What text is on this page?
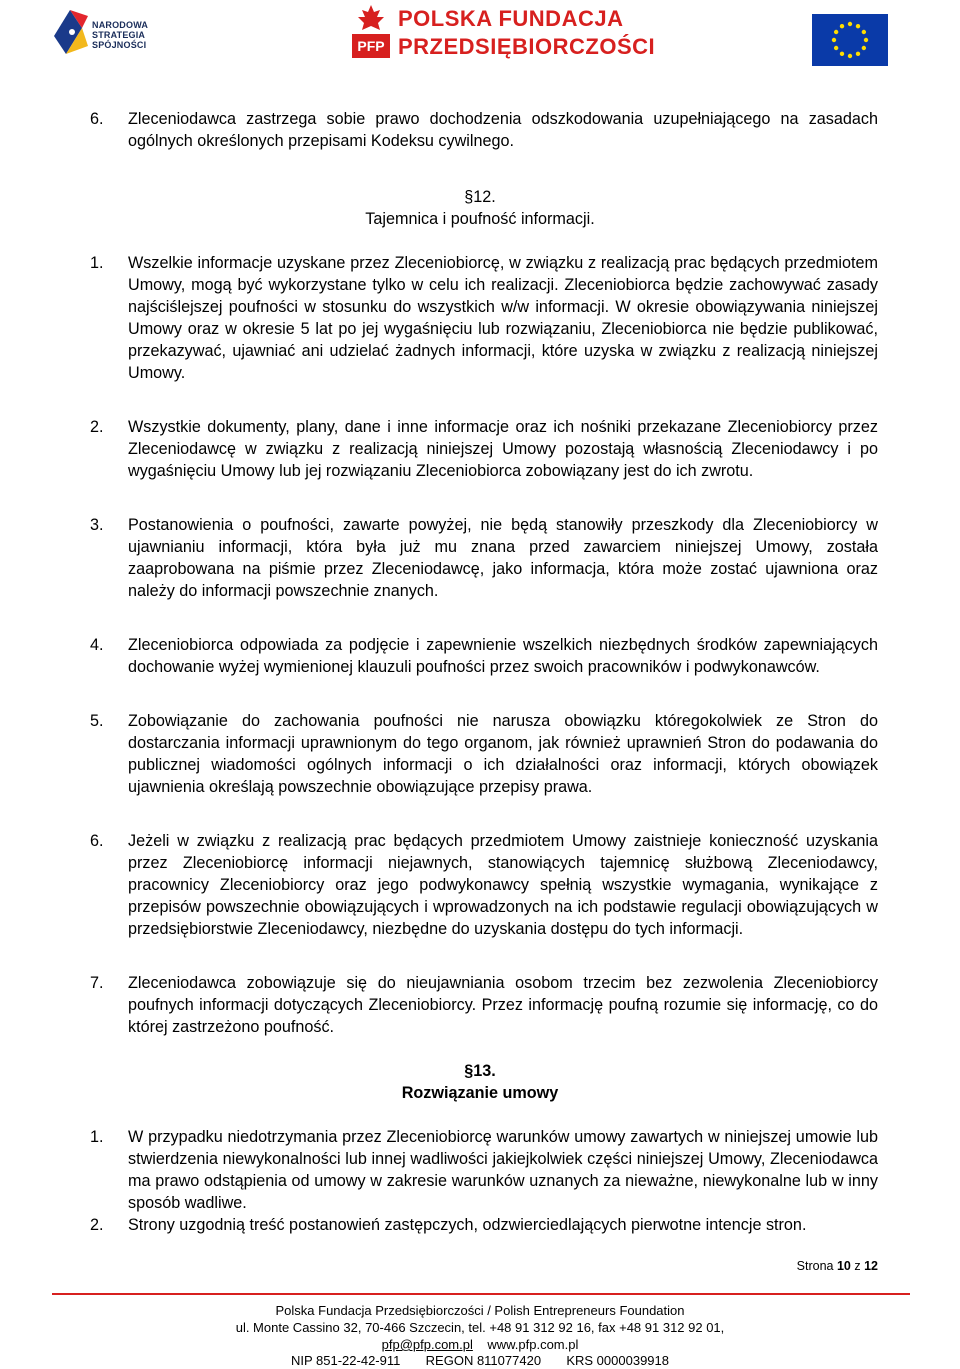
NARODOWA
STRATEGIA SPÓJNOŚCI	PFP
POLSKA FUNDACJA
PRZEDSIĘBIORCZOŚCI
6. Zleceniodawca zastrzega sobie prawo dochodzenia odszkodowania uzupełniającego na zasadach ogólnych określonych przepisami Kodeksu cywilnego.
§12.
Tajemnica i poufność informacji.
1. Wszelkie informacje uzyskane przez Zleceniobiorcę, w związku z realizacją prac będących przedmiotem Umowy, mogą być wykorzystane tylko w celu ich realizacji. Zleceniobiorca będzie zachowywać zasady najściślejszej poufności w stosunku do wszystkich w/w informacji. W okresie obowiązywania niniejszej Umowy oraz w okresie 5 lat po jej wygaśnięciu lub rozwiązaniu, Zleceniobiorca nie będzie publikować, przekazywać, ujawniać ani udzielać żadnych informacji, które uzyska w związku z realizacją niniejszej Umowy.
2. Wszystkie dokumenty, plany, dane i inne informacje oraz ich nośniki przekazane Zleceniobiorcy przez Zleceniodawcę w związku z realizacją niniejszej Umowy pozostają własnością Zleceniodawcy i po wygaśnięciu Umowy lub jej rozwiązaniu Zleceniobiorca zobowiązany jest do ich zwrotu.
3. Postanowienia o poufności, zawarte powyżej, nie będą stanowiły przeszkody dla Zleceniobiorcy w ujawnianiu informacji, która była już mu znana przed zawarciem niniejszej Umowy, została zaaprobowana na piśmie przez Zleceniodawcę, jako informacja, która może zostać ujawniona oraz należy do informacji powszechnie znanych.
4. Zleceniobiorca odpowiada za podjęcie i zapewnienie wszelkich niezbędnych środków zapewniających dochowanie wyżej wymienionej klauzuli poufności przez swoich pracowników i podwykonawców.
5. Zobowiązanie do zachowania poufności nie narusza obowiązku któregokolwiek ze Stron do dostarczania informacji uprawnionym do tego organom, jak również uprawnień Stron do podawania do publicznej wiadomości ogólnych informacji o ich działalności oraz informacji, których obowiązek ujawnienia określają powszechnie obowiązujące przepisy prawa.
6. Jeżeli w związku z realizacją prac będących przedmiotem Umowy zaistnieje konieczność uzyskania przez Zleceniobiorcę informacji niejawnych, stanowiących tajemnicę służbową Zleceniodawcy, pracownicy Zleceniobiorcy oraz jego podwykonawcy spełnią wszystkie wymagania, wynikające z przepisów powszechnie obowiązujących i wprowadzonych na ich podstawie regulacji obowiązujących w przedsiębiorstwie Zleceniodawcy, niezbędne do uzyskania dostępu do tych informacji.
7. Zleceniodawca zobowiązuje się do nieujawniania osobom trzecim bez zezwolenia Zleceniobiorcy poufnych informacji dotyczących Zleceniobiorcy. Przez informację poufną rozumie się informację, co do której zastrzeżono poufność.
§13.
Rozwiązanie umowy
1. W przypadku niedotrzymania przez Zleceniobiorcę warunków umowy zawartych w niniejszej umowie lub stwierdzenia niewykonalności lub innej wadliwości jakiejkolwiek części niniejszej Umowy, Zleceniodawca ma prawo odstąpienia od umowy w zakresie warunków uznanych za nieważne, niewykonalne lub w inny sposób wadliwe.
2. Strony uzgodnią treść postanowień zastępczych, odzwierciedlających pierwotne intencje stron.
Strona 10 z 12
Polska Fundacja Przedsiębiorczości / Polish Entrepreneurs Foundation
ul. Monte Cassino 32, 70-466 Szczecin, tel. +48 91 312 92 16, fax +48 91 312 92 01,
pfp@pfp.com.pl www.pfp.com.pl
NIP 851-22-42-911 REGON 811077420 KRS 0000039918
